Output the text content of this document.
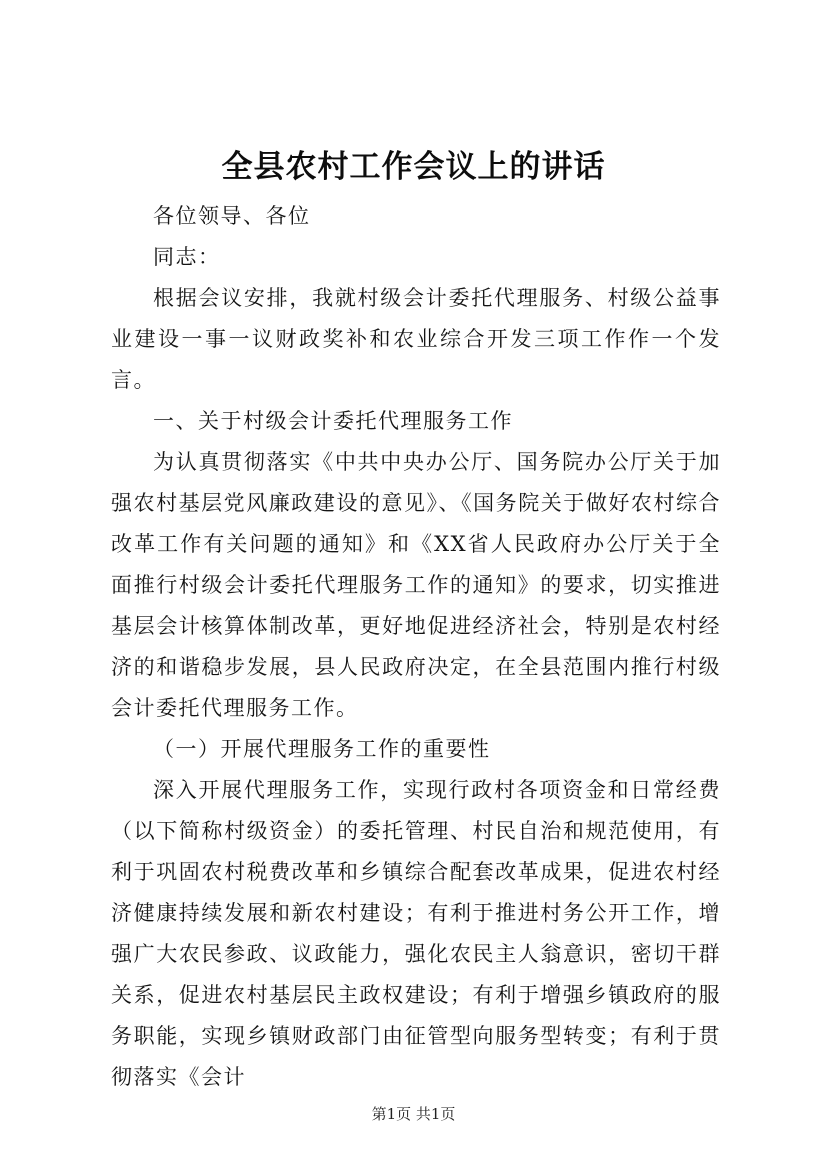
全县农村工作会议上的讲话

各位领导、各位

同志：

根据会议安排，我就村级会计委托代理服务、村级公益事业建设一事一议财政奖补和农业综合开发三项工作作一个发言。

一、关于村级会计委托代理服务工作

为认真贯彻落实《中共中央办公厅、国务院办公厅关于加强农村基层党风廉政建设的意见》、《国务院关于做好农村综合改革工作有关问题的通知》和《XX省人民政府办公厅关于全面推行村级会计委托代理服务工作的通知》的要求，切实推进基层会计核算体制改革，更好地促进经济社会，特别是农村经济的和谐稳步发展，县人民政府决定，在全县范围内推行村级会计委托代理服务工作。

（一）开展代理服务工作的重要性

深入开展代理服务工作，实现行政村各项资金和日常经费（以下简称村级资金）的委托管理、村民自治和规范使用，有利于巩固农村税费改革和乡镇综合配套改革成果，促进农村经济健康持续发展和新农村建设；有利于推进村务公开工作，增强广大农民参政、议政能力，强化农民主人翁意识，密切干群关系，促进农村基层民主政权建设；有利于增强乡镇政府的服务职能，实现乡镇财政部门由征管型向服务型转变；有利于贯彻落实《会计

第1页 共1页
